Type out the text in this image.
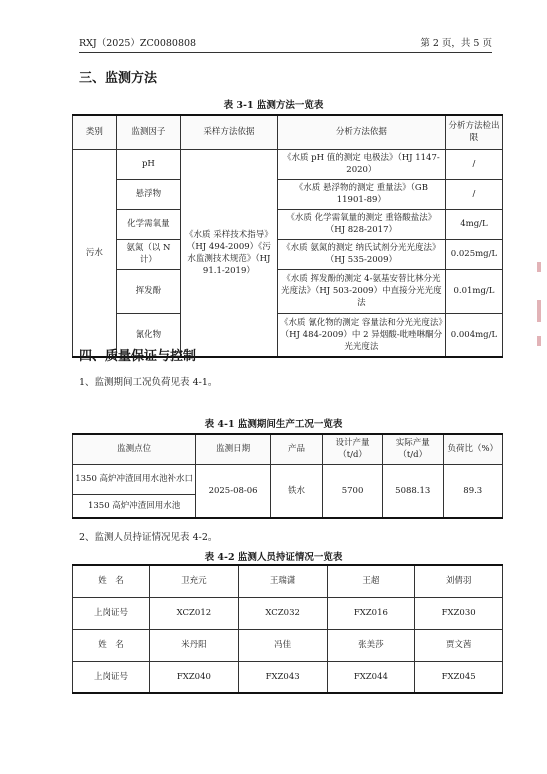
RXJ（2025）ZC0080808	第 2 页，共 5 页
三、监测方法
表 3-1 监测方法一览表
类别	监测因子	采样方法依据	分析方法依据	分析方法检出限
污水	pH	《水质 采样技术指导》（HJ 494-2009）《污水监测技术规范》（HJ 91.1-2019）	《水质 pH 值的测定 电极法》（HJ 1147-2020）	/
	悬浮物		《水质 悬浮物的测定 重量法》（GB 11901-89）	/
	化学需氧量		《水质 化学需氧量的测定 重铬酸盐法》（HJ 828-2017）	4mg/L
	氨氮（以 N 计）		《水质 氨氮的测定 纳氏试剂分光光度法》（HJ 535-2009）	0.025mg/L
	挥发酚		《水质 挥发酚的测定 4-氨基安替比林分光光度法》（HJ 503-2009）中直接分光光度法	0.01mg/L
	氰化物		《水质 氰化物的测定 容量法和分光光度法》（HJ 484-2009）中 2 异烟酸-吡唑啉酮分光光度法	0.004mg/L
四、质量保证与控制
1、监测期间工况负荷见表 4-1。
表 4-1 监测期间生产工况一览表
监测点位	监测日期	产品	设计产量（t/d）	实际产量（t/d）	负荷比（%）
1350 高炉冲渣回用水池补水口	2025-08-06	铁水	5700	5088.13	89.3
1350 高炉冲渣回用水池					
2、监测人员持证情况见表 4-2。
表 4-2 监测人员持证情况一览表
姓　名	卫充元	王瑞潇	王超	刘倩羽
上岗证号	XCZ012	XCZ032	FXZ016	FXZ030
姓　名	米丹阳	冯佳	张美莎	贾文茜
上岗证号	FXZ040	FXZ043	FXZ044	FXZ045
